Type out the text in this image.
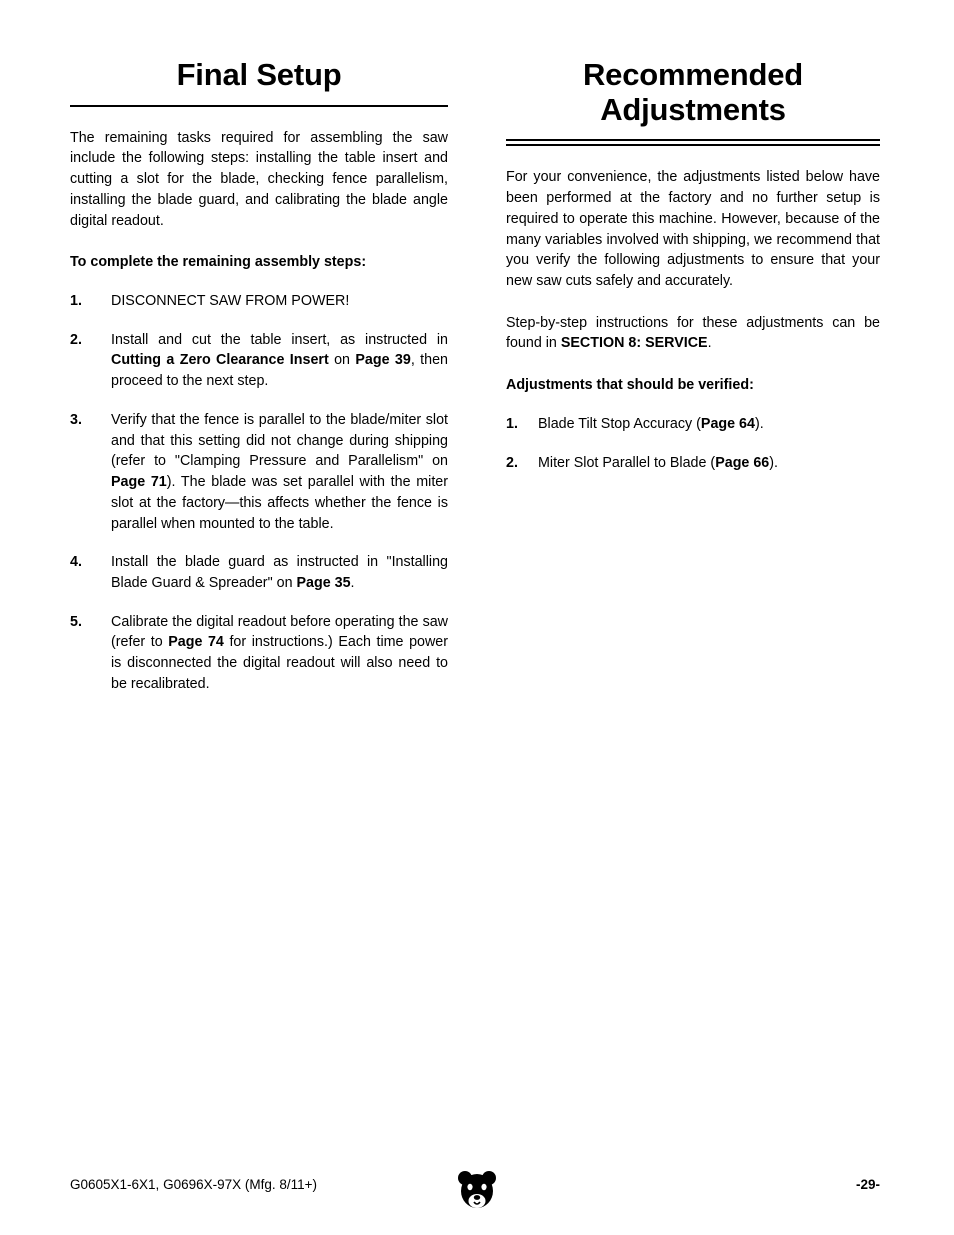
Final Setup

The remaining tasks required for assembling the saw include the following steps: installing the table insert and cutting a slot for the blade, checking fence parallelism, installing the blade guard, and calibrating the blade angle digital readout.

To complete the remaining assembly steps:

1.	DISCONNECT SAW FROM POWER!
2.	Install and cut the table insert, as instructed in Cutting a Zero Clearance Insert on Page 39, then proceed to the next step.
3.	Verify that the fence is parallel to the blade/miter slot and that this setting did not change during shipping (refer to "Clamping Pressure and Parallelism" on Page 71). The blade was set parallel with the miter slot at the factory—this affects whether the fence is parallel when mounted to the table.
4.	Install the blade guard as instructed in "Installing Blade Guard & Spreader" on Page 35.
5.	Calibrate the digital readout before operating the saw (refer to Page 74 for instructions.) Each time power is disconnected the digital readout will also need to be recalibrated.
Recommended
Adjustments

For your convenience, the adjustments listed below have been performed at the factory and no further setup is required to operate this machine. However, because of the many variables involved with shipping, we recommend that you verify the following adjustments to ensure that your new saw cuts safely and accurately.

Step-by-step instructions for these adjustments can be found in SECTION 8: SERVICE.

Adjustments that should be verified:

1.	Blade Tilt Stop Accuracy (Page 64).
2.	Miter Slot Parallel to Blade (Page 66).
G0605X1-6X1, G0696X-97X (Mfg. 8/11+)	-29-
